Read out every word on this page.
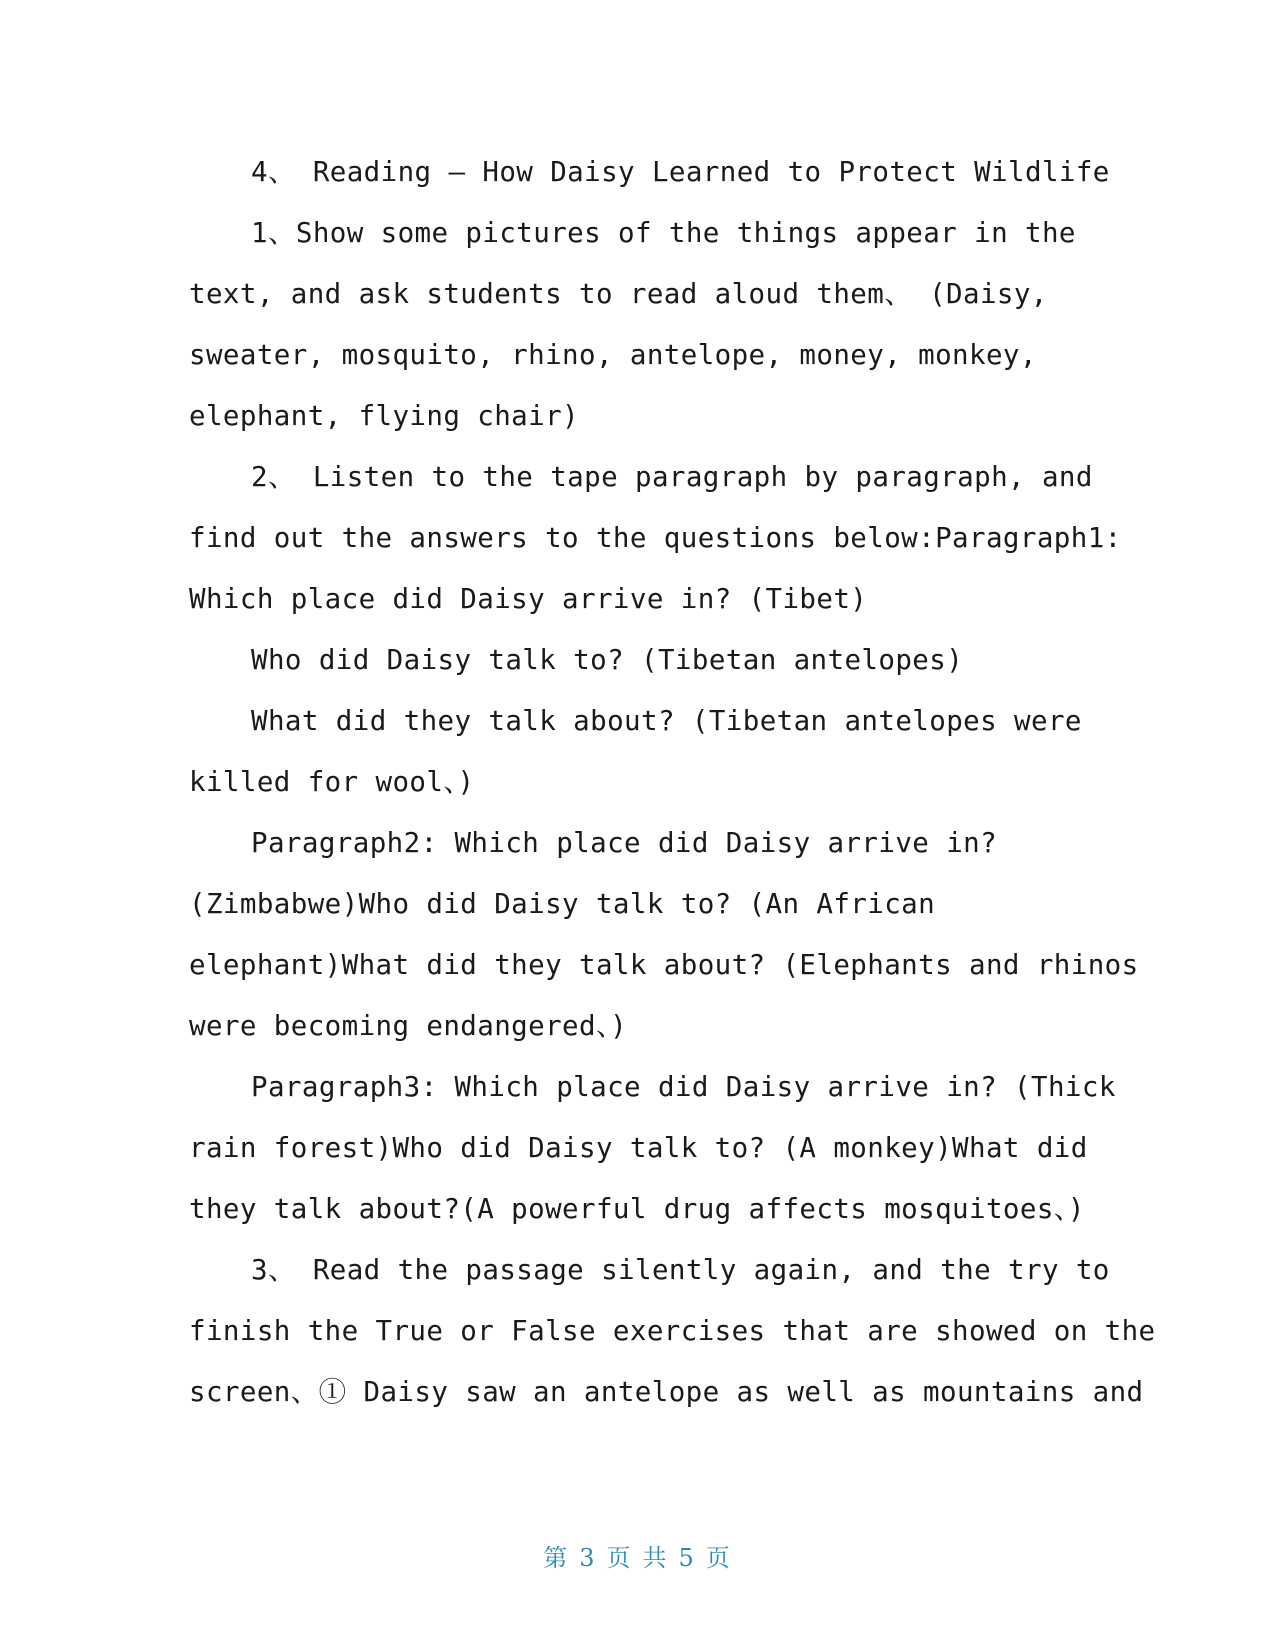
4、 Reading – How Daisy Learned to Protect Wildlife
1、Show some pictures of the things appear in the
text, and ask students to read aloud them、 (Daisy,
sweater, mosquito, rhino, antelope, money, monkey,
elephant, flying chair)
2、 Listen to the tape paragraph by paragraph, and
find out the answers to the questions below:Paragraph1:
Which place did Daisy arrive in? (Tibet)
Who did Daisy talk to? (Tibetan antelopes)
What did they talk about? (Tibetan antelopes were
killed for wool、)
Paragraph2: Which place did Daisy arrive in?
(Zimbabwe)Who did Daisy talk to? (An African
elephant)What did they talk about? (Elephants and rhinos
were becoming endangered、)
Paragraph3: Which place did Daisy arrive in? (Thick
rain forest)Who did Daisy talk to? (A monkey)What did
they talk about?(A powerful drug affects mosquitoes、)
3、 Read the passage silently again, and the try to
finish the True or False exercises that are showed on the
screen、① Daisy saw an antelope as well as mountains and
第 3 页 共 5 页
